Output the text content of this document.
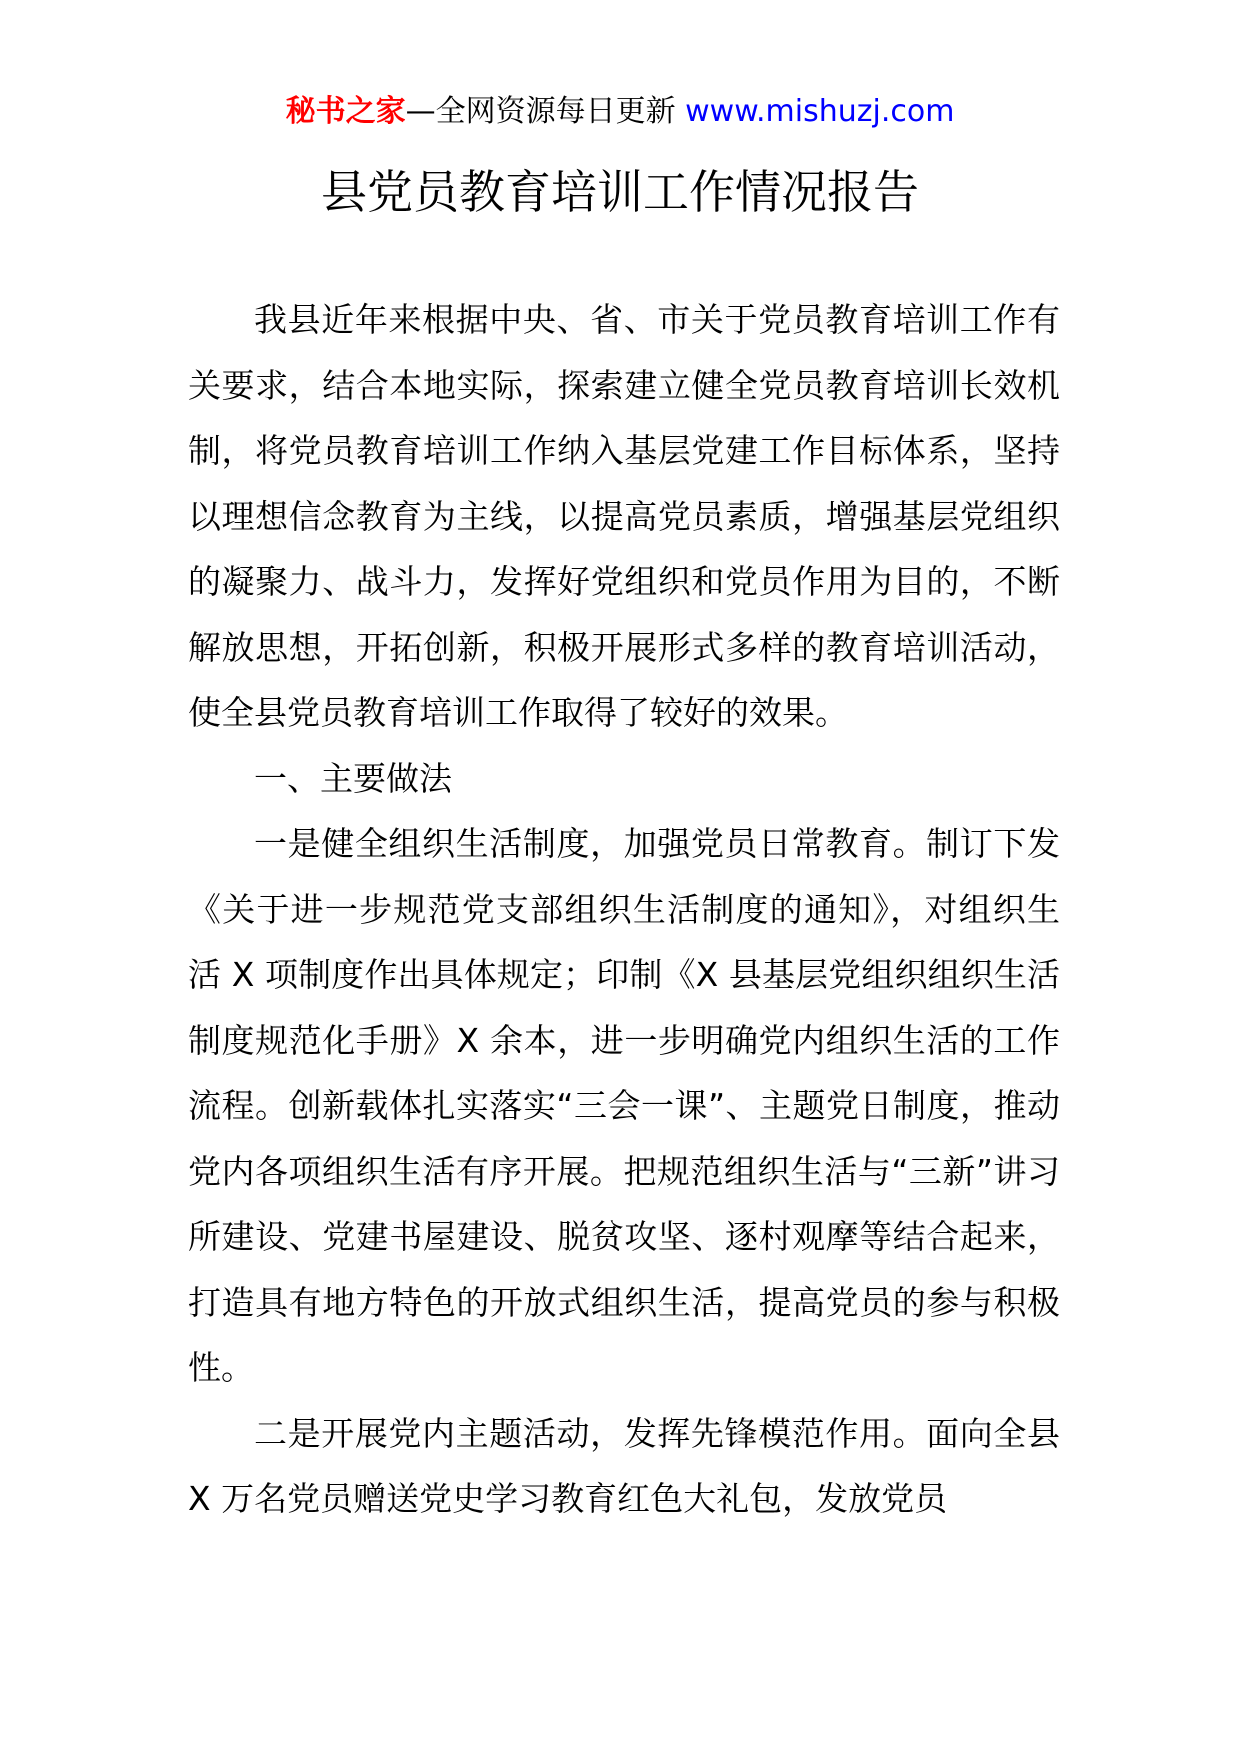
秘书之家—全网资源每日更新 www.mishuzj.com
县党员教育培训工作情况报告

我县近年来根据中央、省、市关于党员教育培训工作有关要求，结合本地实际，探索建立健全党员教育培训长效机制，将党员教育培训工作纳入基层党建工作目标体系，坚持以理想信念教育为主线，以提高党员素质，增强基层党组织的凝聚力、战斗力，发挥好党组织和党员作用为目的，不断解放思想，开拓创新，积极开展形式多样的教育培训活动，使全县党员教育培训工作取得了较好的效果。

一、主要做法

一是健全组织生活制度，加强党员日常教育。制订下发《关于进一步规范党支部组织生活制度的通知》，对组织生活 X 项制度作出具体规定；印制《X 县基层党组织组织生活制度规范化手册》X 余本，进一步明确党内组织生活的工作流程。创新载体扎实落实“三会一课”、主题党日制度，推动党内各项组织生活有序开展。把规范组织生活与“三新”讲习所建设、党建书屋建设、脱贫攻坚、逐村观摩等结合起来，打造具有地方特色的开放式组织生活，提高党员的参与积极性。

二是开展党内主题活动，发挥先锋模范作用。面向全县 X 万名党员赠送党史学习教育红色大礼包，发放党员
